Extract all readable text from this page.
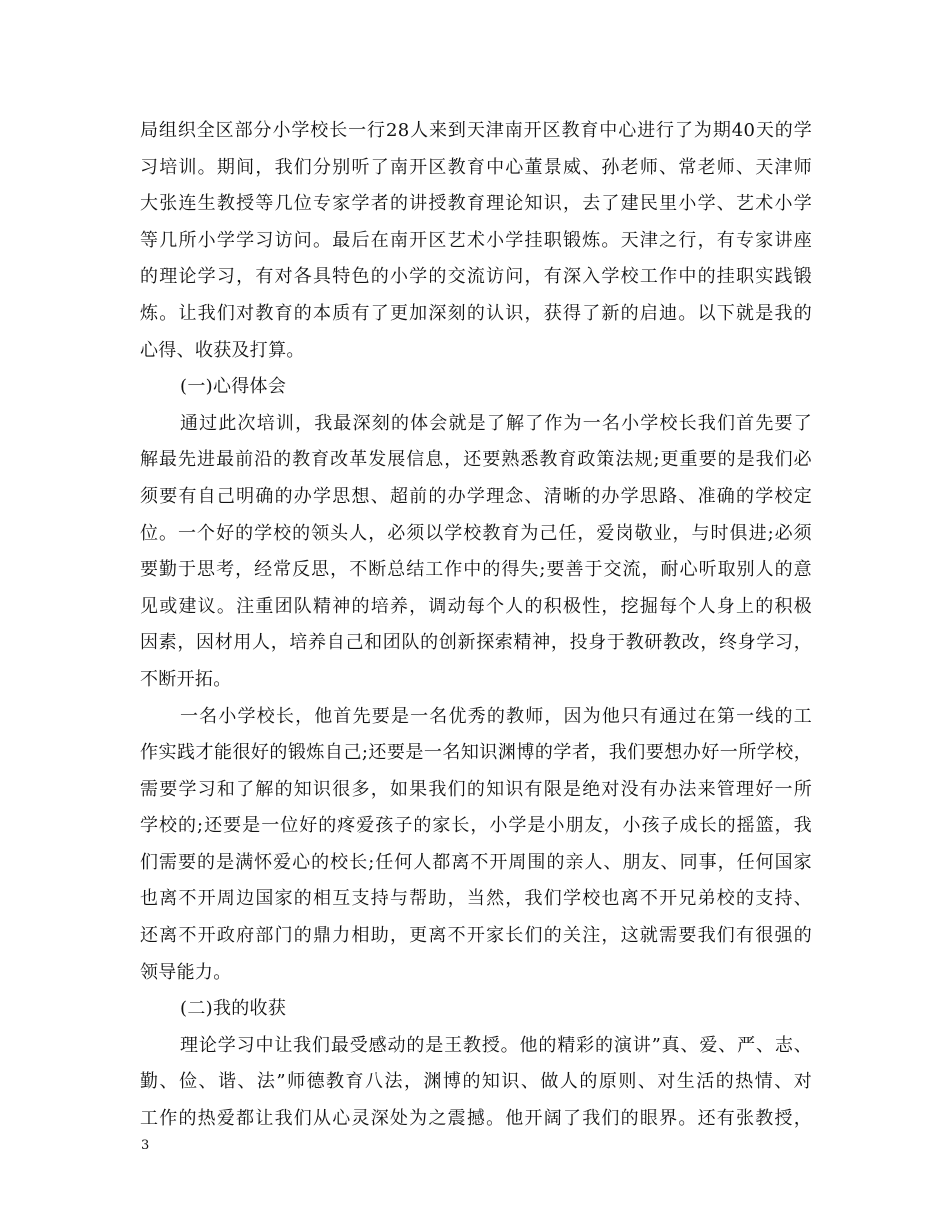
局组织全区部分小学校长一行28人来到天津南开区教育中心进行了为期40天的学
习培训。期间，我们分别听了南开区教育中心董景威、孙老师、常老师、天津师
大张连生教授等几位专家学者的讲授教育理论知识，去了建民里小学、艺术小学
等几所小学学习访问。最后在南开区艺术小学挂职锻炼。天津之行，有专家讲座
的理论学习，有对各具特色的小学的交流访问，有深入学校工作中的挂职实践锻
炼。让我们对教育的本质有了更加深刻的认识，获得了新的启迪。以下就是我的
心得、收获及打算。
(一)心得体会
通过此次培训，我最深刻的体会就是了解了作为一名小学校长我们首先要了
解最先进最前沿的教育改革发展信息，还要熟悉教育政策法规;更重要的是我们必
须要有自己明确的办学思想、超前的办学理念、清晰的办学思路、准确的学校定
位。一个好的学校的领头人，必须以学校教育为己任，爱岗敬业，与时俱进;必须
要勤于思考，经常反思，不断总结工作中的得失;要善于交流，耐心听取别人的意
见或建议。注重团队精神的培养，调动每个人的积极性，挖掘每个人身上的积极
因素，因材用人，培养自己和团队的创新探索精神，投身于教研教改，终身学习，
不断开拓。
一名小学校长，他首先要是一名优秀的教师，因为他只有通过在第一线的工
作实践才能很好的锻炼自己;还要是一名知识渊博的学者，我们要想办好一所学校，
需要学习和了解的知识很多，如果我们的知识有限是绝对没有办法来管理好一所
学校的;还要是一位好的疼爱孩子的家长，小学是小朋友，小孩子成长的摇篮，我
们需要的是满怀爱心的校长;任何人都离不开周围的亲人、朋友、同事，任何国家
也离不开周边国家的相互支持与帮助，当然，我们学校也离不开兄弟校的支持、
还离不开政府部门的鼎力相助，更离不开家长们的关注，这就需要我们有很强的
领导能力。
(二)我的收获
理论学习中让我们最受感动的是王教授。他的精彩的演讲”真、爱、严、志、
勤、俭、谐、法”师德教育八法，渊博的知识、做人的原则、对生活的热情、对
工作的热爱都让我们从心灵深处为之震撼。他开阔了我们的眼界。还有张教授，
3
